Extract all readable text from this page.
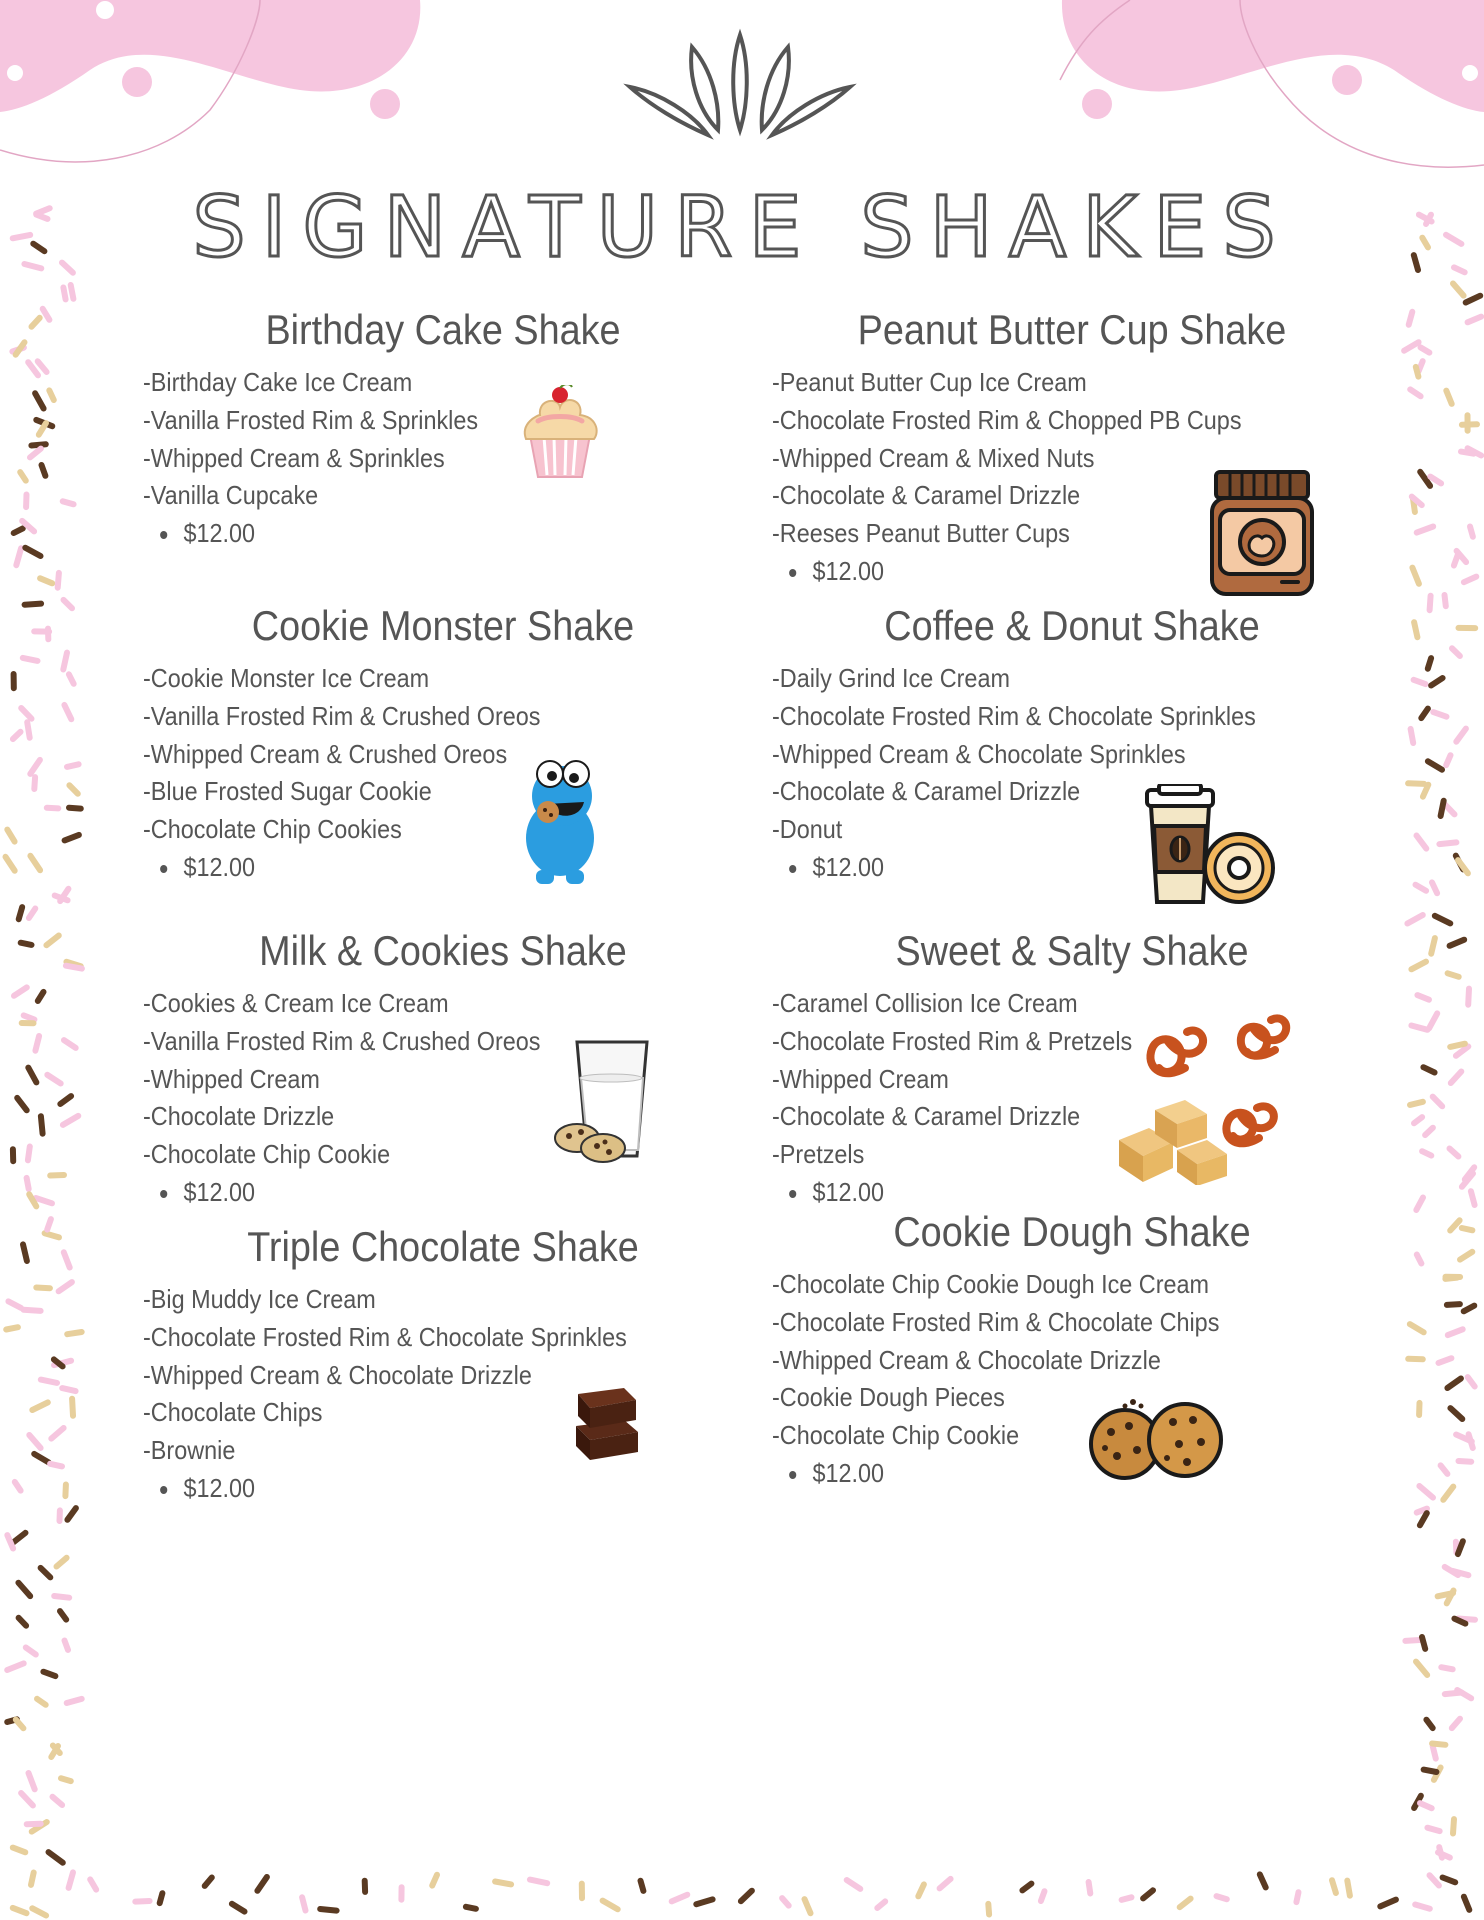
SIGNATURE SHAKES
Birthday Cake Shake
-Birthday Cake Ice Cream
-Vanilla Frosted Rim & Sprinkles
-Whipped Cream & Sprinkles
-Vanilla Cupcake
$12.00
Cookie Monster Shake
-Cookie Monster Ice Cream
-Vanilla Frosted Rim & Crushed Oreos
-Whipped Cream & Crushed Oreos
-Blue Frosted Sugar Cookie
-Chocolate Chip Cookies
$12.00
Milk & Cookies Shake
-Cookies & Cream Ice Cream
-Vanilla Frosted Rim & Crushed Oreos
-Whipped Cream
-Chocolate Drizzle
-Chocolate Chip Cookie
$12.00
Triple Chocolate Shake
-Big Muddy Ice Cream
-Chocolate Frosted Rim & Chocolate Sprinkles
-Whipped Cream & Chocolate Drizzle
-Chocolate Chips
-Brownie
$12.00
Peanut Butter Cup Shake
-Peanut Butter Cup Ice Cream
-Chocolate Frosted Rim & Chopped PB Cups
-Whipped Cream & Mixed Nuts
-Chocolate & Caramel Drizzle
-Reeses Peanut Butter Cups
$12.00
Coffee & Donut Shake
-Daily Grind Ice Cream
-Chocolate Frosted Rim & Chocolate Sprinkles
-Whipped Cream & Chocolate Sprinkles
-Chocolate & Caramel Drizzle
-Donut
$12.00
Sweet & Salty Shake
-Caramel Collision Ice Cream
-Chocolate Frosted Rim & Pretzels
-Whipped Cream
-Chocolate & Caramel Drizzle
-Pretzels
$12.00
Cookie Dough Shake
-Chocolate Chip Cookie Dough Ice Cream
-Chocolate Frosted Rim & Chocolate Chips
-Whipped Cream & Chocolate Drizzle
-Cookie Dough Pieces
-Chocolate Chip Cookie
$12.00
